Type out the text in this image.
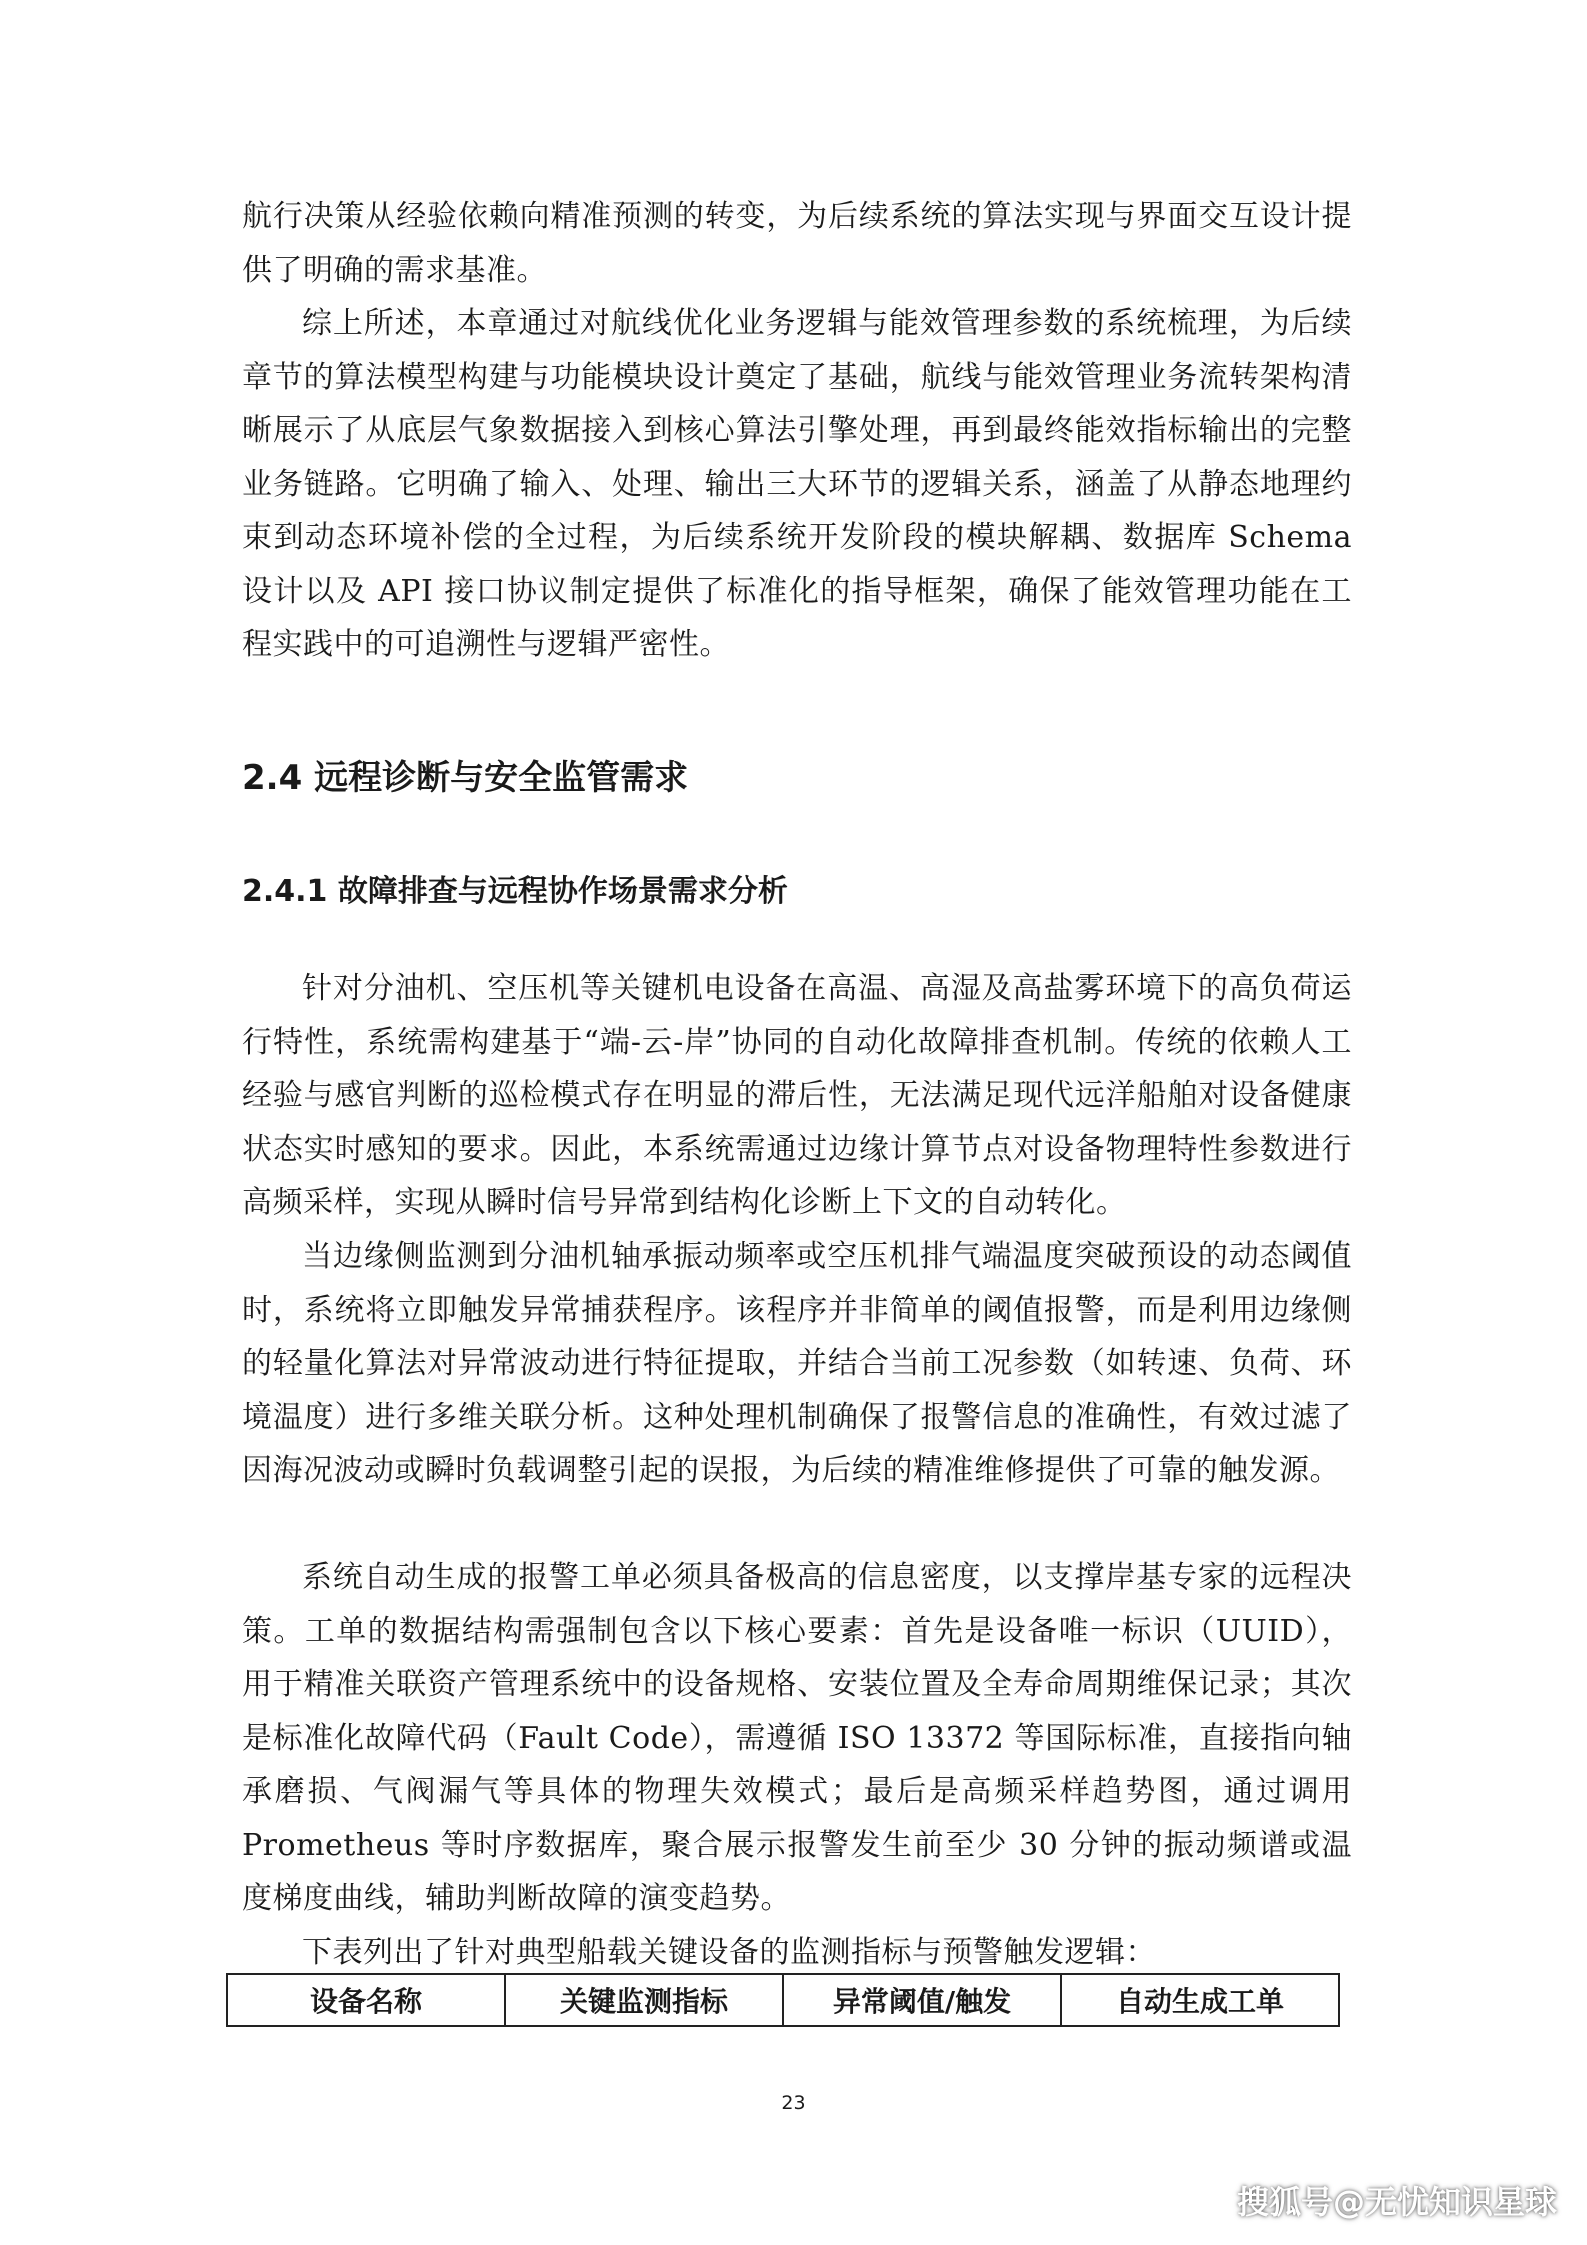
航行决策从经验依赖向精准预测的转变，为后续系统的算法实现与界面交互设计提供了明确的需求基准。

综上所述，本章通过对航线优化业务逻辑与能效管理参数的系统梳理，为后续章节的算法模型构建与功能模块设计奠定了基础，航线与能效管理业务流转架构清晰展示了从底层气象数据接入到核心算法引擎处理，再到最终能效指标输出的完整业务链路。它明确了输入、处理、输出三大环节的逻辑关系，涵盖了从静态地理约束到动态环境补偿的全过程，为后续系统开发阶段的模块解耦、数据库 Schema 设计以及 API 接口协议制定提供了标准化的指导框架，确保了能效管理功能在工程实践中的可追溯性与逻辑严密性。

2.4 远程诊断与安全监管需求
2.4.1 故障排查与远程协作场景需求分析

针对分油机、空压机等关键机电设备在高温、高湿及高盐雾环境下的高负荷运行特性，系统需构建基于“端-云-岸”协同的自动化故障排查机制。传统的依赖人工经验与感官判断的巡检模式存在明显的滞后性，无法满足现代远洋船舶对设备健康状态实时感知的要求。因此，本系统需通过边缘计算节点对设备物理特性参数进行高频采样，实现从瞬时信号异常到结构化诊断上下文的自动转化。

当边缘侧监测到分油机轴承振动频率或空压机排气端温度突破预设的动态阈值时，系统将立即触发异常捕获程序。该程序并非简单的阈值报警，而是利用边缘侧的轻量化算法对异常波动进行特征提取，并结合当前工况参数（如转速、负荷、环境温度）进行多维关联分析。这种处理机制确保了报警信息的准确性，有效过滤了因海况波动或瞬时负载调整引起的误报，为后续的精准维修提供了可靠的触发源。

系统自动生成的报警工单必须具备极高的信息密度，以支撑岸基专家的远程决策。工单的数据结构需强制包含以下核心要素：首先是设备唯一标识（UUID），用于精准关联资产管理系统中的设备规格、安装位置及全寿命周期维保记录；其次是标准化故障代码（Fault Code），需遵循 ISO 13372 等国际标准，直接指向轴承磨损、气阀漏气等具体的物理失效模式；最后是高频采样趋势图，通过调用 Prometheus 等时序数据库，聚合展示报警发生前至少 30 分钟的振动频谱或温度梯度曲线，辅助判断故障的演变趋势。

下表列出了针对典型船载关键设备的监测指标与预警触发逻辑：

设备名称	关键监测指标	异常阈值/触发	自动生成工单
23
搜狐号@无忧知识星球
